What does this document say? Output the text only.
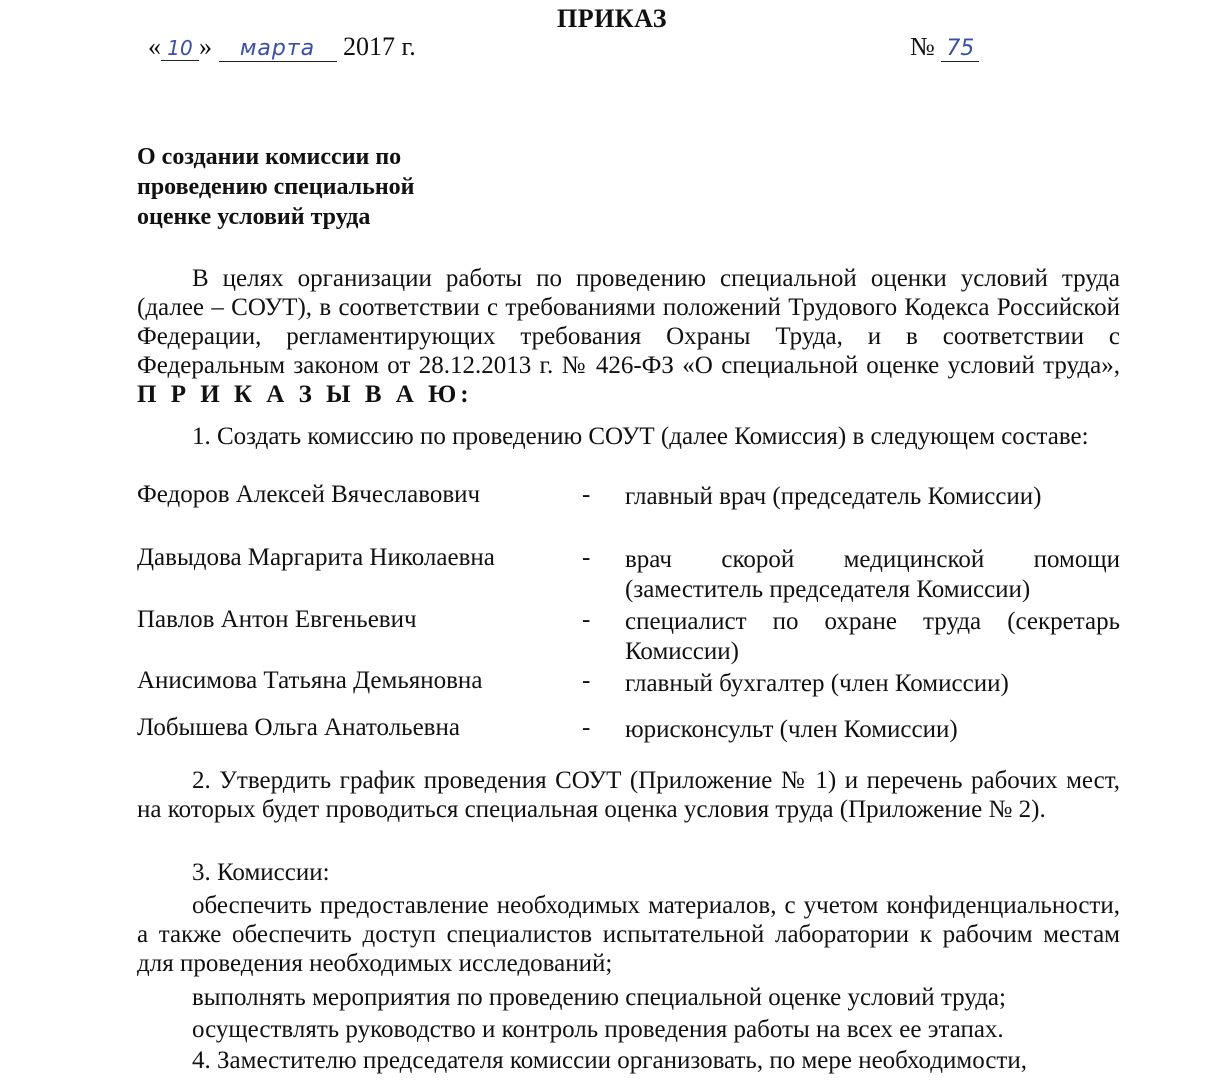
ПРИКАЗ
« 10 » марта 2017 г.	№ 75
О создании комиссии по
проведению специальной
оценке условий труда
В целях организации работы по проведению специальной оценки условий труда (далее – СОУТ), в соответствии с требованиями положений Трудового Кодекса Российской Федерации, регламентирующих требования Охраны Труда, и в соответствии с Федеральным законом от 28.12.2013 г. № 426-ФЗ «О специальной оценке условий труда», П Р И К А З Ы В А Ю:
1. Создать комиссию по проведению СОУТ (далее Комиссия) в следующем составе:
Федоров Алексей Вячеславович	- главный врач (председатель Комиссии)
Давыдова Маргарита Николаевна	- врач скорой медицинской помощи (заместитель председателя Комиссии)
Павлов Антон Евгеньевич	- специалист по охране труда (секретарь Комиссии)
Анисимова Татьяна Демьяновна	- главный бухгалтер (член Комиссии)
Лобышева Ольга Анатольевна	- юрисконсульт (член Комиссии)
2. Утвердить график проведения СОУТ (Приложение № 1) и перечень рабочих мест, на которых будет проводиться специальная оценка условия труда (Приложение № 2).
3. Комиссии:
обеспечить предоставление необходимых материалов, с учетом конфиденциальности, а также обеспечить доступ специалистов испытательной лаборатории к рабочим местам для проведения необходимых исследований;
выполнять мероприятия по проведению специальной оценке условий труда;
осуществлять руководство и контроль проведения работы на всех ее этапах.
4. Заместителю председателя комиссии организовать, по мере необходимости,
